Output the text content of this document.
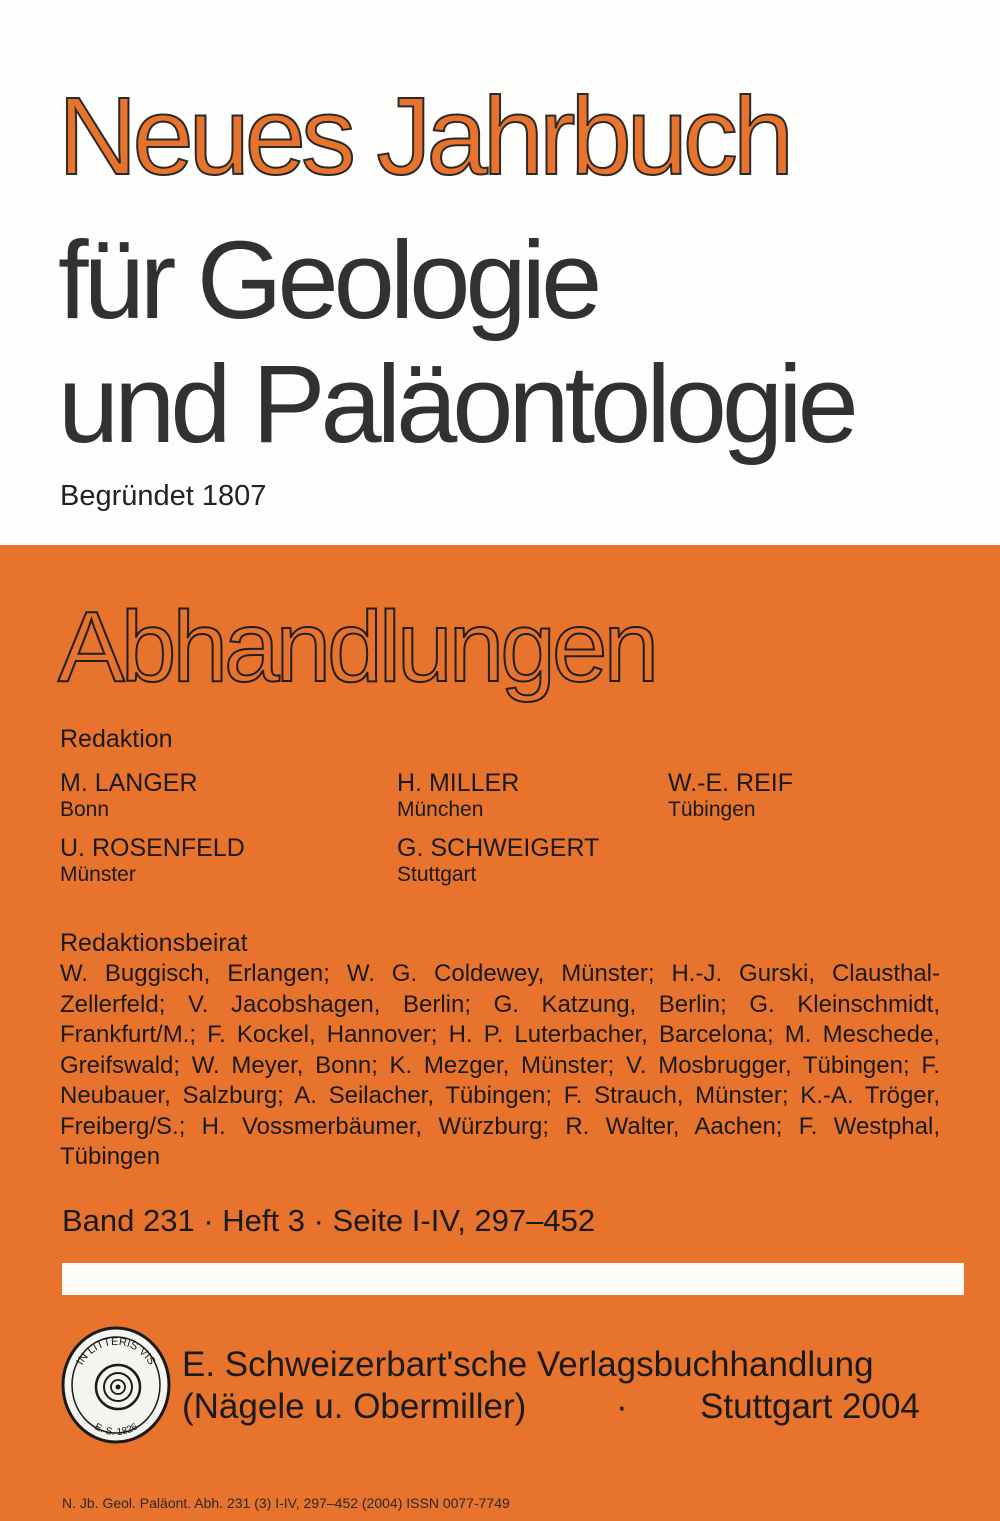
Neues Jahrbuch
für Geologie
und Paläontologie
Begründet 1807
Abhandlungen
Redaktion
M. LANGER
Bonn
H. MILLER
München
W.-E. REIF
Tübingen
U. ROSENFELD
Münster
G. SCHWEIGERT
Stuttgart
Redaktionsbeirat
W. Buggisch, Erlangen; W. G. Coldewey, Münster; H.-J. Gurski, Clausthal-Zellerfeld; V. Jacobshagen, Berlin; G. Katzung, Berlin; G. Kleinschmidt, Frankfurt/M.; F. Kockel, Hannover; H. P. Luterbacher, Barcelona; M. Meschede, Greifswald; W. Meyer, Bonn; K. Mezger, Münster; V. Mosbrugger, Tübingen; F. Neubauer, Salzburg; A. Seilacher, Tübingen; F. Strauch, Münster; K.-A. Tröger, Freiberg/S.; H. Vossmerbäumer, Würzburg; R. Walter, Aachen; F. Westphal, Tübingen
Band 231 · Heft 3 · Seite I-IV, 297–452
IN LITTERIS VIS
E. S. 1826
E. Schweizerbart'sche Verlagsbuchhandlung
(Nägele u. Obermiller)	· Stuttgart 2004
N. Jb. Geol. Paläont. Abh. 231 (3) I-IV, 297–452 (2004) ISSN 0077-7749
